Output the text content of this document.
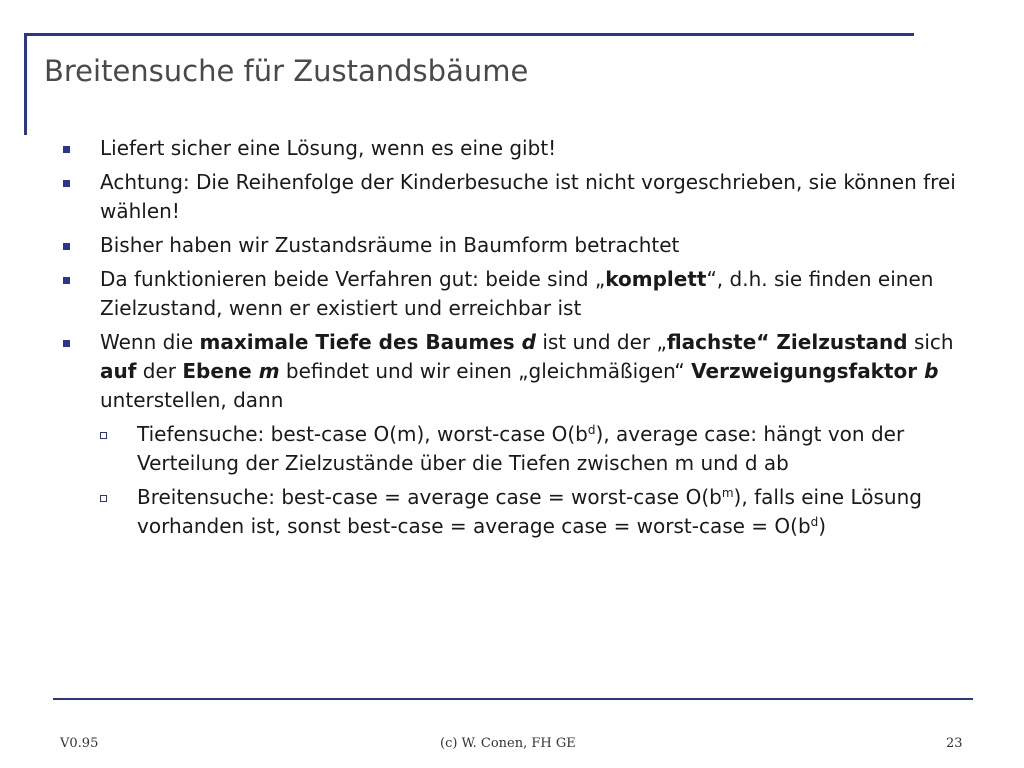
Breitensuche für Zustandsbäume
Liefert sicher eine Lösung, wenn es eine gibt!
Achtung: Die Reihenfolge der Kinderbesuche ist nicht vorgeschrieben, sie können frei wählen!
Bisher haben wir Zustandsräume in Baumform betrachtet
Da funktionieren beide Verfahren gut: beide sind „komplett“, d.h. sie finden einen Zielzustand, wenn er existiert und erreichbar ist
Wenn die maximale Tiefe des Baumes d ist und der „flachste“ Zielzustand sich auf der Ebene m befindet und wir einen „gleichmäßigen“ Verzweigungsfaktor b unterstellen, dann
Tiefensuche: best-case O(m), worst-case $O(b^d)$, average case: hängt von der Verteilung der Zielzustände über die Tiefen zwischen m und d ab
Breitensuche: best-case = average case = worst-case $O(b^m)$, falls eine Lösung vorhanden ist, sonst best-case = average case = worst-case = $O(b^d)$
V0.95	(c) W. Conen, FH GE	23
